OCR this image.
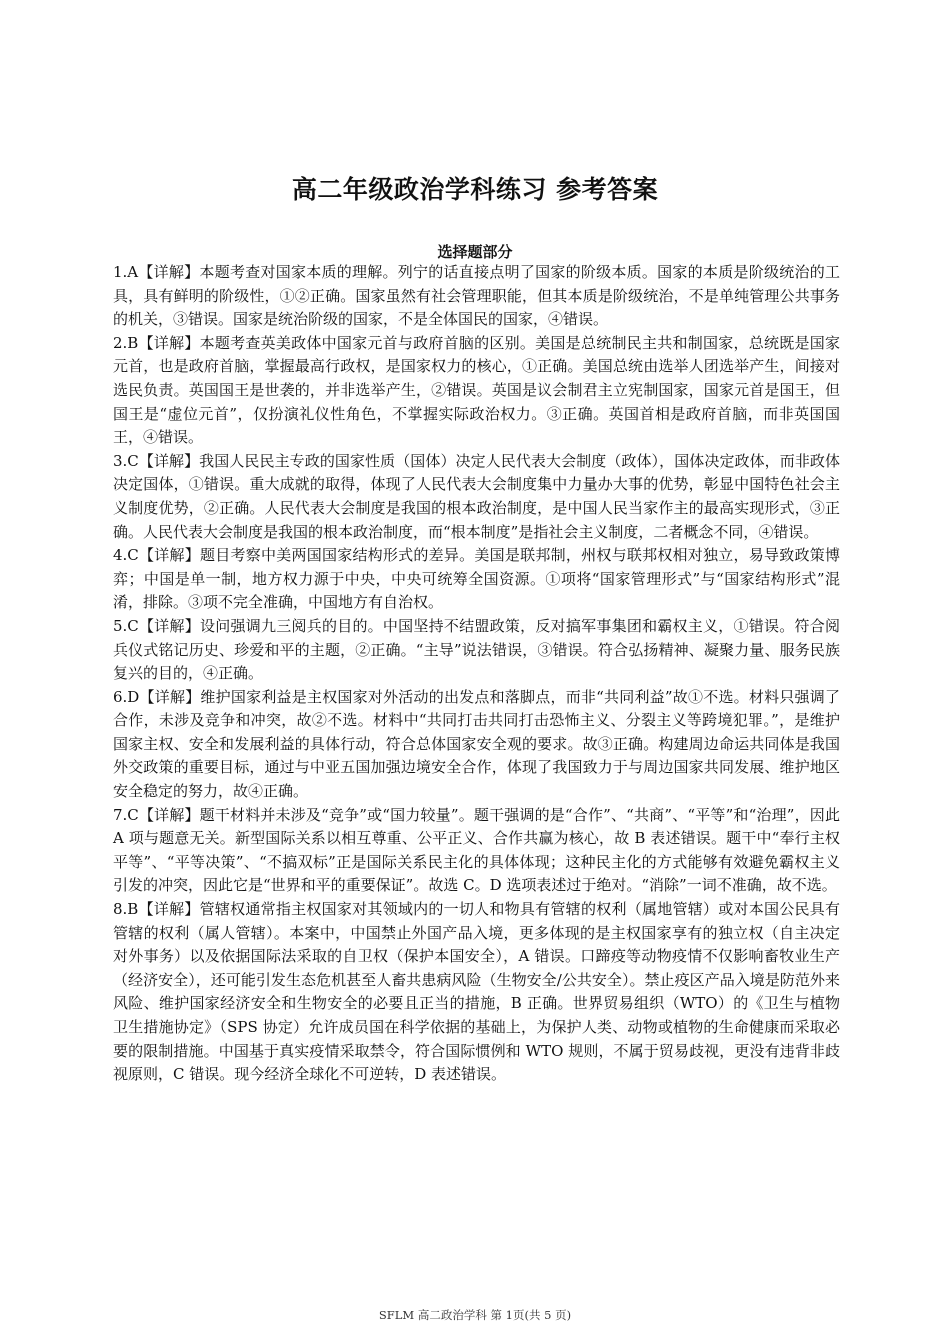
高二年级政治学科练习 参考答案
选择题部分

1.A【详解】本题考查对国家本质的理解。列宁的话直接点明了国家的阶级本质。国家的本质是阶级统治的工具，具有鲜明的阶级性，①②正确。国家虽然有社会管理职能，但其本质是阶级统治，不是单纯管理公共事务的机关，③错误。国家是统治阶级的国家，不是全体国民的国家，④错误。

2.B【详解】本题考查英美政体中国家元首与政府首脑的区别。美国是总统制民主共和制国家，总统既是国家元首，也是政府首脑，掌握最高行政权，是国家权力的核心，①正确。美国总统由选举人团选举产生，间接对选民负责。英国国王是世袭的，并非选举产生，②错误。英国是议会制君主立宪制国家，国家元首是国王，但国王是“虚位元首”，仅扮演礼仪性角色，不掌握实际政治权力。③正确。英国首相是政府首脑，而非英国国王，④错误。

3.C【详解】我国人民民主专政的国家性质（国体）决定人民代表大会制度（政体），国体决定政体，而非政体决定国体，①错误。重大成就的取得，体现了人民代表大会制度集中力量办大事的优势，彰显中国特色社会主义制度优势，②正确。人民代表大会制度是我国的根本政治制度，是中国人民当家作主的最高实现形式，③正确。人民代表大会制度是我国的根本政治制度，而“根本制度”是指社会主义制度，二者概念不同，④错误。

4.C【详解】题目考察中美两国国家结构形式的差异。美国是联邦制，州权与联邦权相对独立，易导致政策博弈；中国是单一制，地方权力源于中央，中央可统筹全国资源。①项将“国家管理形式”与“国家结构形式”混淆，排除。③项不完全准确，中国地方有自治权。

5.C【详解】设问强调九三阅兵的目的。中国坚持不结盟政策，反对搞军事集团和霸权主义，①错误。符合阅兵仪式铭记历史、珍爱和平的主题，②正确。“主导”说法错误，③错误。符合弘扬精神、凝聚力量、服务民族复兴的目的，④正确。

6.D【详解】维护国家利益是主权国家对外活动的出发点和落脚点，而非“共同利益”故①不选。材料只强调了合作，未涉及竞争和冲突，故②不选。材料中“共同打击共同打击恐怖主义、分裂主义等跨境犯罪。”，是维护国家主权、安全和发展利益的具体行动，符合总体国家安全观的要求。故③正确。构建周边命运共同体是我国外交政策的重要目标，通过与中亚五国加强边境安全合作，体现了我国致力于与周边国家共同发展、维护地区安全稳定的努力，故④正确。

7.C【详解】题干材料并未涉及“竞争”或“国力较量”。题干强调的是“合作”、“共商”、“平等”和“治理”，因此 A 项与题意无关。新型国际关系以相互尊重、公平正义、合作共赢为核心，故 B 表述错误。题干中“奉行主权平等”、“平等决策”、“不搞双标”正是国际关系民主化的具体体现；这种民主化的方式能够有效避免霸权主义引发的冲突，因此它是“世界和平的重要保证”。故选 C。D 选项表述过于绝对。“消除”一词不准确，故不选。

8.B【详解】管辖权通常指主权国家对其领域内的一切人和物具有管辖的权利（属地管辖）或对本国公民具有管辖的权利（属人管辖）。本案中，中国禁止外国产品入境，更多体现的是主权国家享有的独立权（自主决定对外事务）以及依据国际法采取的自卫权（保护本国安全），A 错误。口蹄疫等动物疫情不仅影响畜牧业生产（经济安全），还可能引发生态危机甚至人畜共患病风险（生物安全/公共安全）。禁止疫区产品入境是防范外来风险、维护国家经济安全和生物安全的必要且正当的措施，B 正确。世界贸易组织（WTO）的《卫生与植物卫生措施协定》（SPS 协定）允许成员国在科学依据的基础上，为保护人类、动物或植物的生命健康而采取必要的限制措施。中国基于真实疫情采取禁令，符合国际惯例和 WTO 规则，不属于贸易歧视，更没有违背非歧视原则，C 错误。现今经济全球化不可逆转，D 表述错误。

SFLM 高二政治学科 第 1页(共 5 页)
